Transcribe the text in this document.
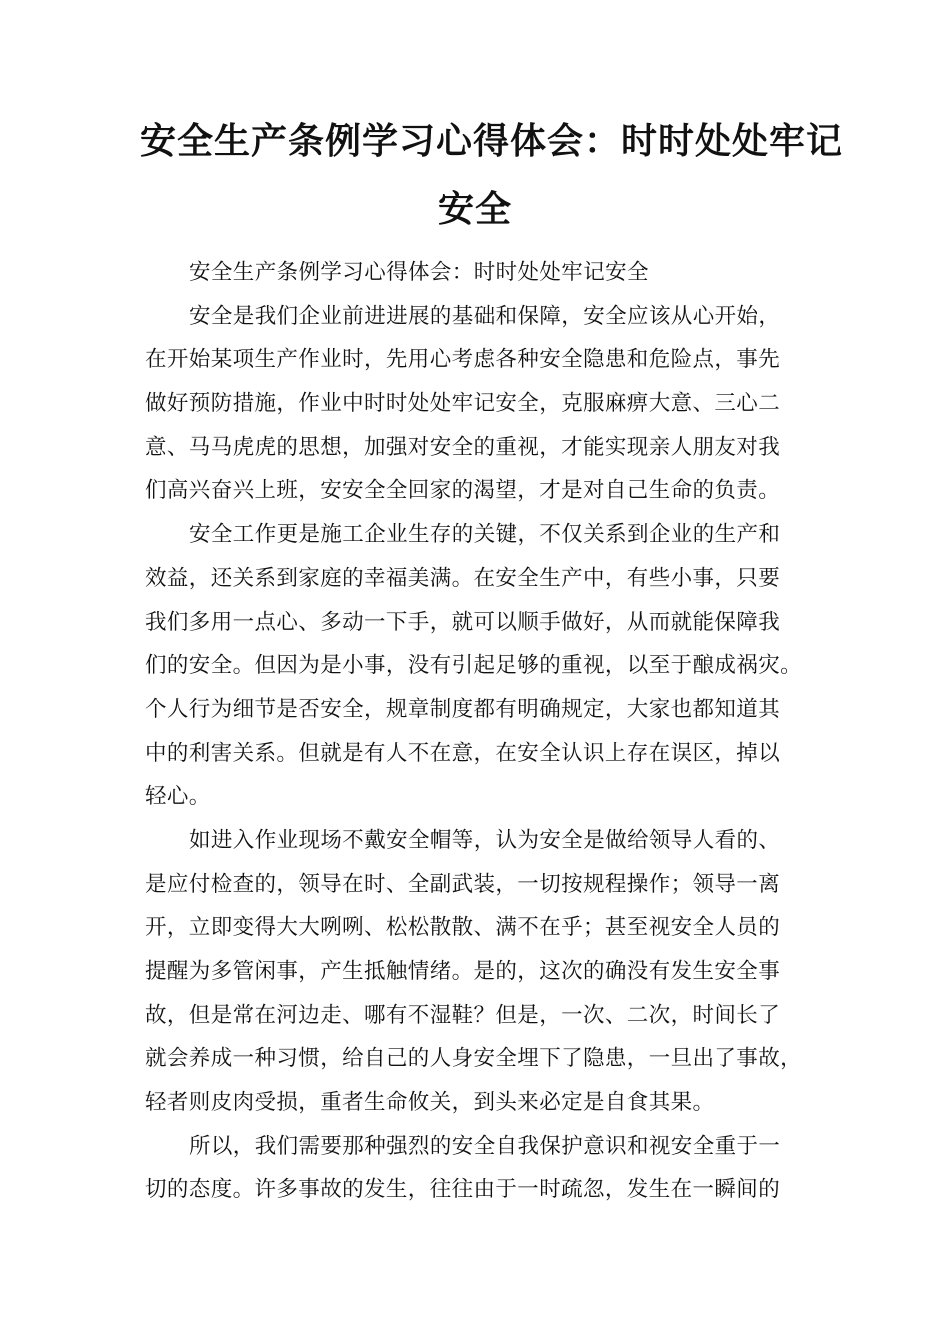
安全生产条例学习心得体会：时时处处牢记
安全
安全生产条例学习心得体会：时时处处牢记安全
安全是我们企业前进进展的基础和保障，安全应该从心开始，
在开始某项生产作业时，先用心考虑各种安全隐患和危险点，事先
做好预防措施，作业中时时处处牢记安全，克服麻痹大意、三心二
意、马马虎虎的思想，加强对安全的重视，才能实现亲人朋友对我
们高兴奋兴上班，安安全全回家的渴望，才是对自己生命的负责。
安全工作更是施工企业生存的关键，不仅关系到企业的生产和
效益，还关系到家庭的幸福美满。在安全生产中，有些小事，只要
我们多用一点心、多动一下手，就可以顺手做好，从而就能保障我
们的安全。但因为是小事，没有引起足够的重视，以至于酿成祸灾。
个人行为细节是否安全，规章制度都有明确规定，大家也都知道其
中的利害关系。但就是有人不在意，在安全认识上存在误区，掉以
轻心。
如进入作业现场不戴安全帽等，认为安全是做给领导人看的、
是应付检查的，领导在时、全副武装，一切按规程操作；领导一离
开，立即变得大大咧咧、松松散散、满不在乎；甚至视安全人员的
提醒为多管闲事，产生抵触情绪。是的，这次的确没有发生安全事
故，但是常在河边走、哪有不湿鞋？但是，一次、二次，时间长了
就会养成一种习惯，给自己的人身安全埋下了隐患，一旦出了事故，
轻者则皮肉受损，重者生命攸关，到头来必定是自食其果。
所以，我们需要那种强烈的安全自我保护意识和视安全重于一
切的态度。许多事故的发生，往往由于一时疏忽，发生在一瞬间的
